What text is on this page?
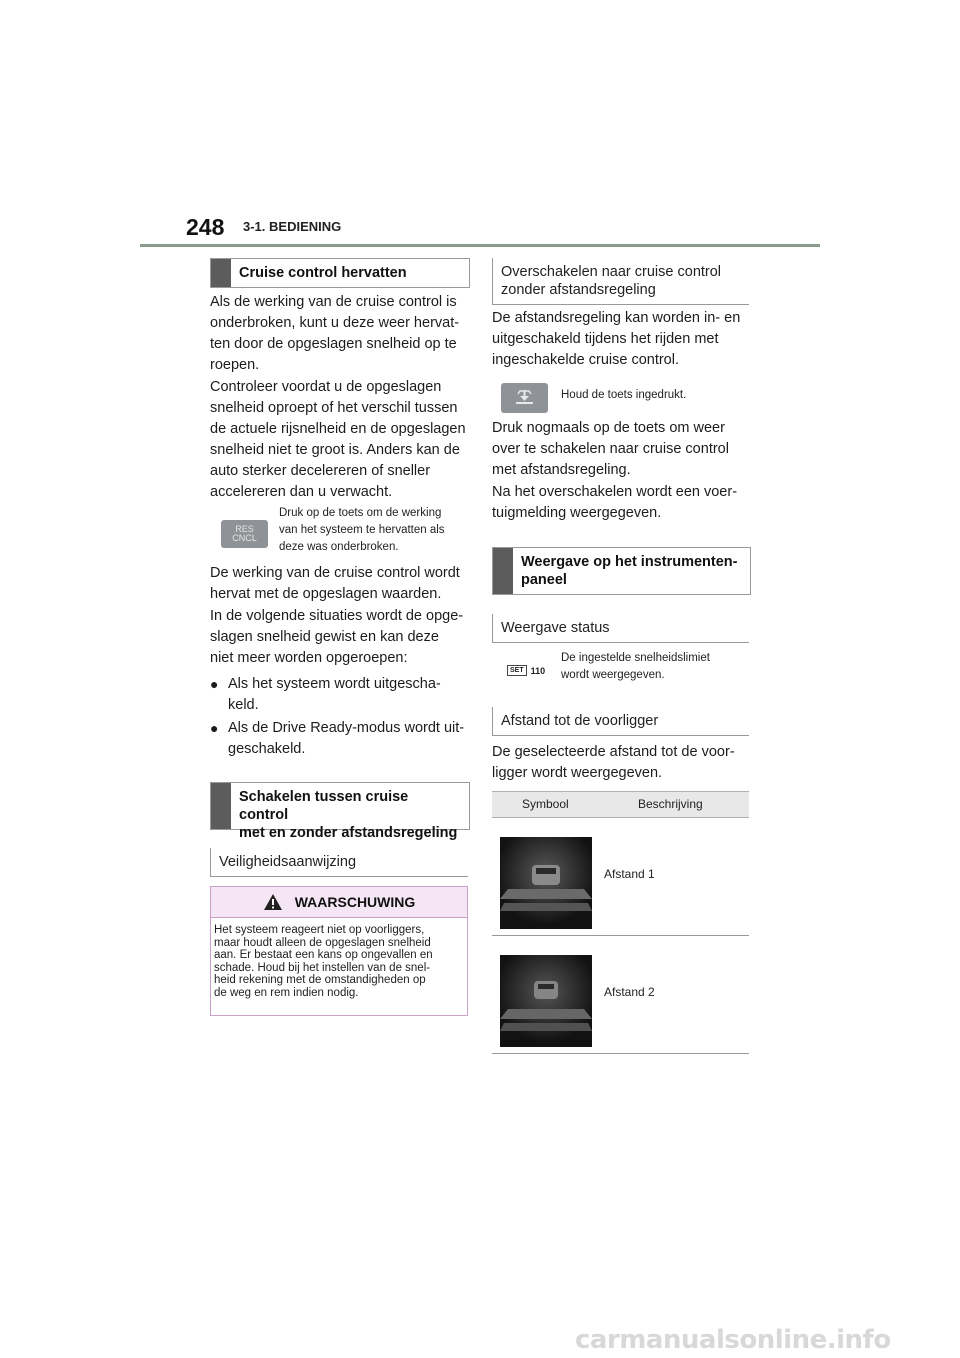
248 3-1. BEDIENING
Cruise control hervatten
Als de werking van de cruise control is
onderbroken, kunt u deze weer hervat-
ten door de opgeslagen snelheid op te
roepen.
Controleer voordat u de opgeslagen
snelheid oproept of het verschil tussen
de actuele rijsnelheid en de opgeslagen
snelheid niet te groot is. Anders kan de
auto sterker decelereren of sneller
accelereren dan u verwacht.
RES
CNCL
Druk op de toets om de werking
van het systeem te hervatten als
deze was onderbroken.
De werking van de cruise control wordt
hervat met de opgeslagen waarden.
In de volgende situaties wordt de opge-
slagen snelheid gewist en kan deze
niet meer worden opgeroepen:
● Als het systeem wordt uitgescha-
keld.
● Als de Drive Ready-modus wordt uit-
geschakeld.
Schakelen tussen cruise control
met en zonder afstandsregeling
Veiligheidsaanwijzing
WAARSCHUWING
Het systeem reageert niet op voorliggers,
maar houdt alleen de opgeslagen snelheid
aan. Er bestaat een kans op ongevallen en
schade. Houd bij het instellen van de snel-
heid rekening met de omstandigheden op
de weg en rem indien nodig.
Overschakelen naar cruise control
zonder afstandsregeling
De afstandsregeling kan worden in- en
uitgeschakeld tijdens het rijden met
ingeschakelde cruise control.
Houd de toets ingedrukt.
Druk nogmaals op de toets om weer
over te schakelen naar cruise control
met afstandsregeling.
Na het overschakelen wordt een voer-
tuigmelding weergegeven.
Weergave op het instrumenten-
paneel
Weergave status
SET 110
De ingestelde snelheidslimiet
wordt weergegeven.
Afstand tot de voorligger
De geselecteerde afstand tot de voor-
ligger wordt weergegeven.
Symbool	Beschrijving
Afstand 1
Afstand 2
carmanualsonline.info
